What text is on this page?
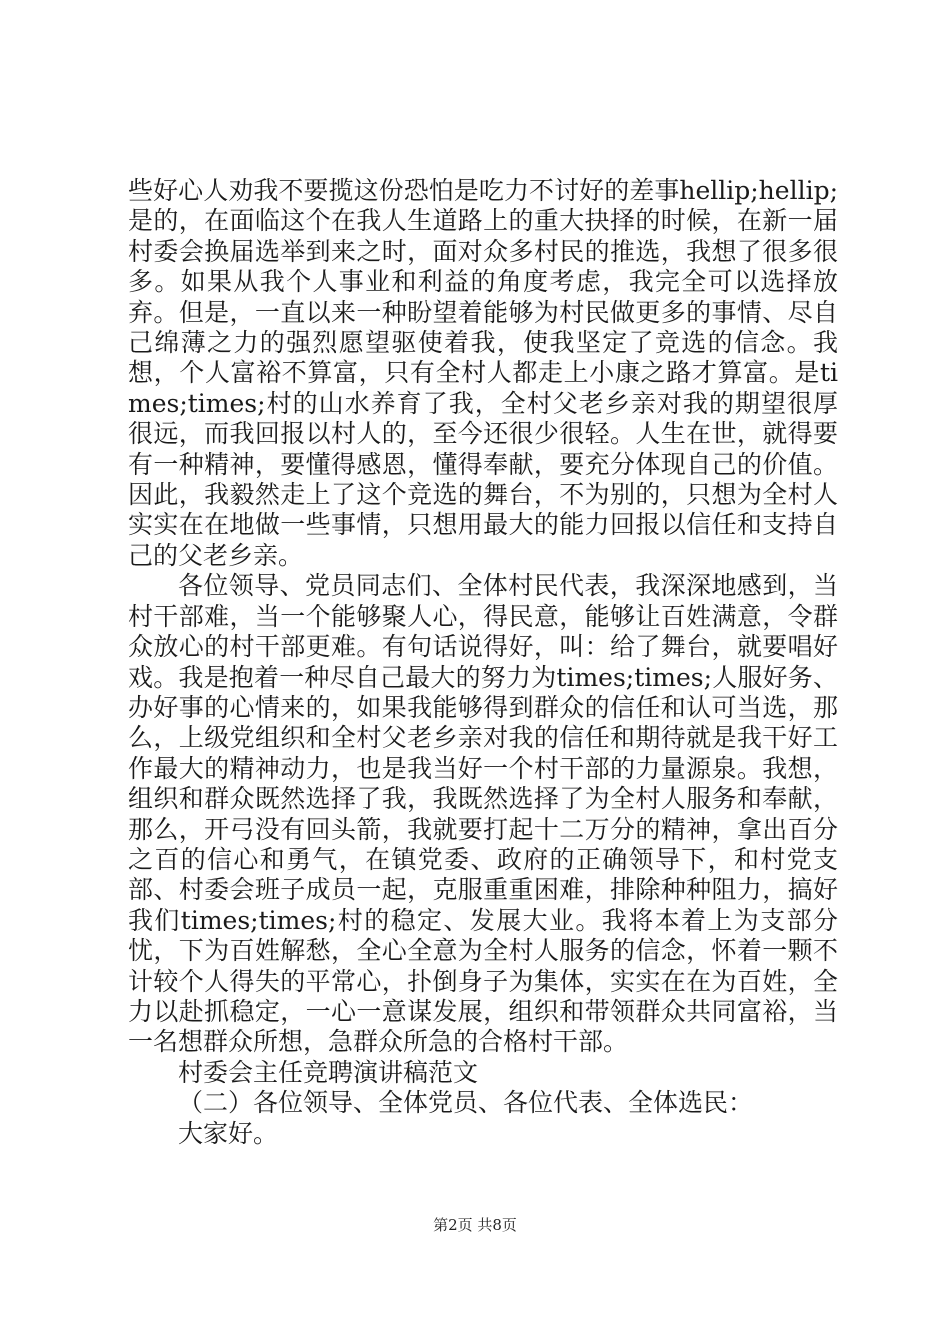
些好心人劝我不要揽这份恐怕是吃力不讨好的差事hellip;hellip;是的，在面临这个在我人生道路上的重大抉择的时候，在新一届村委会换届选举到来之时，面对众多村民的推选，我想了很多很多。如果从我个人事业和利益的角度考虑，我完全可以选择放弃。但是，一直以来一种盼望着能够为村民做更多的事情、尽自己绵薄之力的强烈愿望驱使着我，使我坚定了竞选的信念。我想，个人富裕不算富，只有全村人都走上小康之路才算富。是times;times;村的山水养育了我，全村父老乡亲对我的期望很厚很远，而我回报以村人的，至今还很少很轻。人生在世，就得要有一种精神，要懂得感恩，懂得奉献，要充分体现自己的价值。因此，我毅然走上了这个竞选的舞台，不为别的，只想为全村人实实在在地做一些事情，只想用最大的能力回报以信任和支持自己的父老乡亲。

各位领导、党员同志们、全体村民代表，我深深地感到，当村干部难，当一个能够聚人心，得民意，能够让百姓满意，令群众放心的村干部更难。有句话说得好，叫：给了舞台，就要唱好戏。我是抱着一种尽自己最大的努力为times;times;人服好务、办好事的心情来的，如果我能够得到群众的信任和认可当选，那么，上级党组织和全村父老乡亲对我的信任和期待就是我干好工作最大的精神动力，也是我当好一个村干部的力量源泉。我想，组织和群众既然选择了我，我既然选择了为全村人服务和奉献，那么，开弓没有回头箭，我就要打起十二万分的精神，拿出百分之百的信心和勇气，在镇党委、政府的正确领导下，和村党支部、村委会班子成员一起，克服重重困难，排除种种阻力，搞好我们times;times;村的稳定、发展大业。我将本着上为支部分忧，下为百姓解愁，全心全意为全村人服务的信念，怀着一颗不计较个人得失的平常心，扑倒身子为集体，实实在在为百姓，全力以赴抓稳定，一心一意谋发展，组织和带领群众共同富裕，当一名想群众所想，急群众所急的合格村干部。

村委会主任竞聘演讲稿范文

（二）各位领导、全体党员、各位代表、全体选民：

大家好。

第2页 共8页
